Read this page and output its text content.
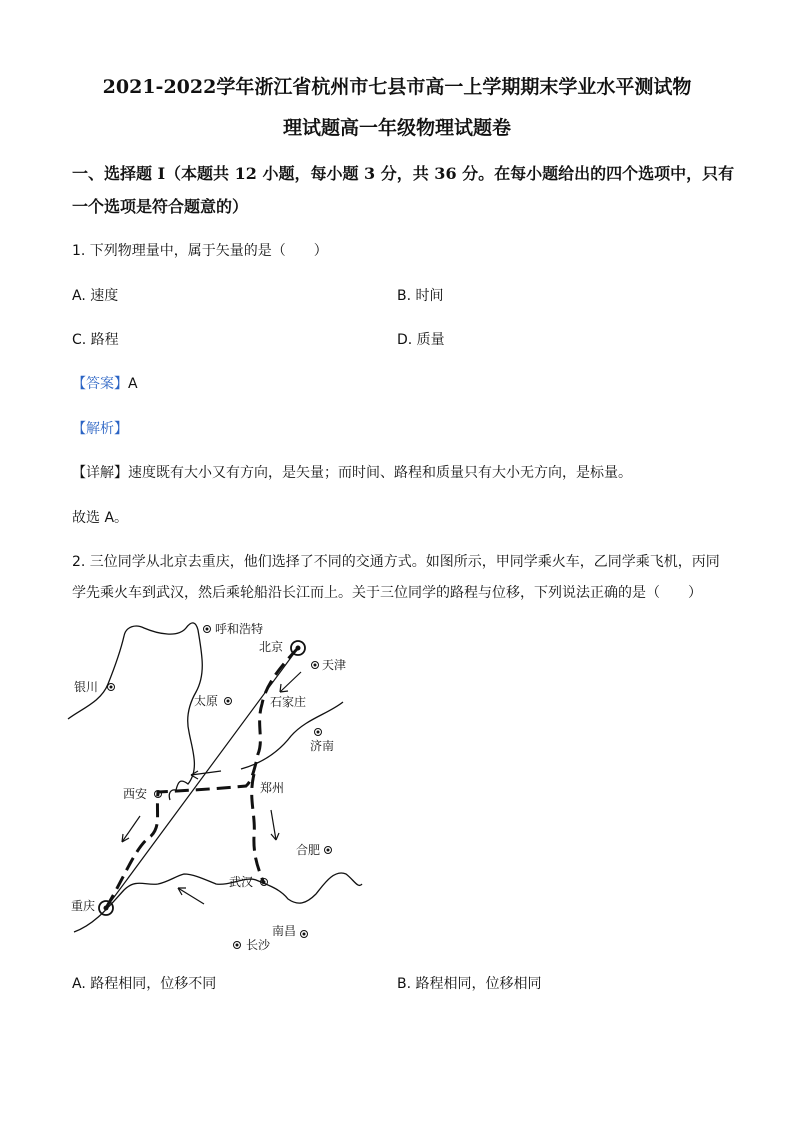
2021-2022学年浙江省杭州市七县市高一上学期期末学业水平测试物
理试题高一年级物理试题卷
一、选择题 I（本题共 12 小题，每小题 3 分，共 36 分。在每小题给出的四个选项中，只有
一个选项是符合题意的）
1. 下列物理量中，属于矢量的是（　　）
A. 速度	B. 时间
C. 路程	D. 质量
【答案】A
【解析】
【详解】速度既有大小又有方向，是矢量；而时间、路程和质量只有大小无方向，是标量。
故选 A。
2. 三位同学从北京去重庆，他们选择了不同的交通方式。如图所示，甲同学乘火车，乙同学乘飞机，丙同
学先乘火车到武汉，然后乘轮船沿长江而上。关于三位同学的路程与位移，下列说法正确的是（　　）
呼和浩特
北京
天津
银川
太原	石家庄
济南
西安	郑州
合肥
武汉
重庆
南昌
长沙
A. 路程相同，位移不同	B. 路程相同，位移相同
